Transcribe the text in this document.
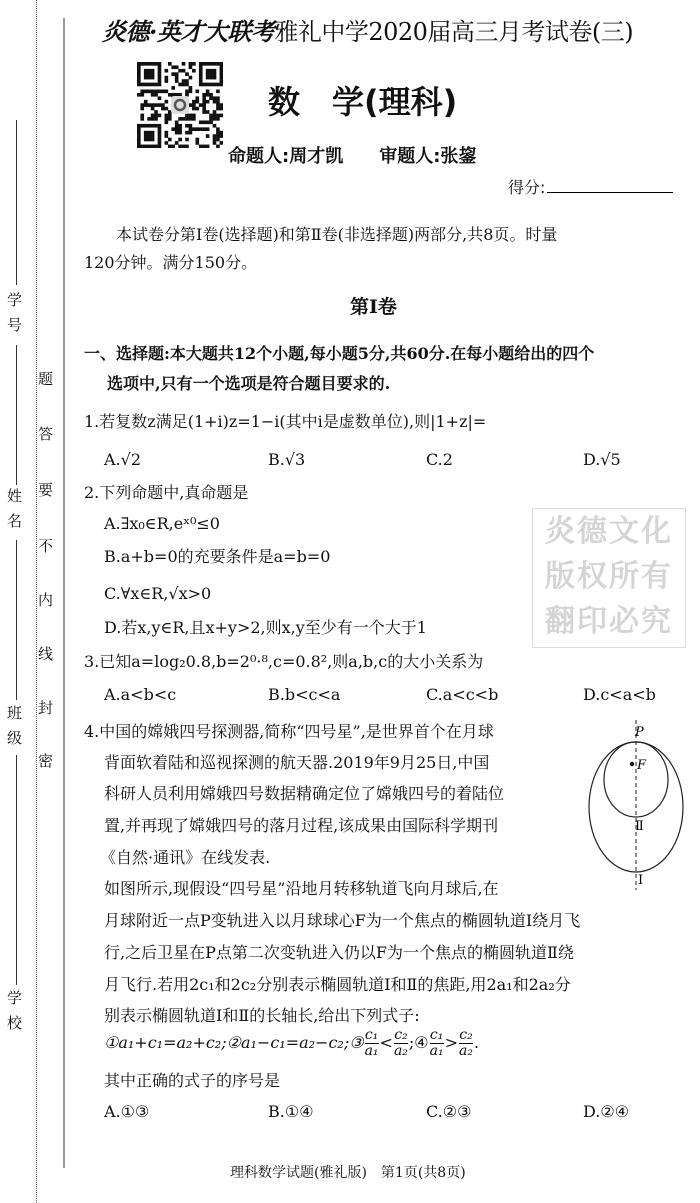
学号
姓名
班级
学校
题
答
要
不
内
线
封
密
炎德·英才大联考雅礼中学2020届高三月考试卷(三)
数　学(理科)
命题人:周才凯　　审题人:张鋆
得分:
本试卷分第Ⅰ卷(选择题)和第Ⅱ卷(非选择题)两部分,共8页。时量
120分钟。满分150分。
第Ⅰ卷
一、选择题:本大题共12个小题,每小题5分,共60分.在每小题给出的四个
选项中,只有一个选项是符合题目要求的.
炎德文化
版权所有
翻印必究
1.若复数z满足(1+i)z=1−i(其中i是虚数单位),则|1+z|=
A.√2	B.√3	C.2	D.√5
2.下列命题中,真命题是
A.∃x₀∈R,eˣ⁰≤0
B.a+b=0的充要条件是a=b=0
C.∀x∈R,√x>0
D.若x,y∈R,且x+y>2,则x,y至少有一个大于1
3.已知a=log₂0.8,b=2⁰·⁸,c=0.8²,则a,b,c的大小关系为
A.a<b<c	B.b<c<a	C.a<c<b	D.c<a<b
4.中国的嫦娥四号探测器,简称“四号星”,是世界首个在月球
背面软着陆和巡视探测的航天器.2019年9月25日,中国
科研人员利用嫦娥四号数据精确定位了嫦娥四号的着陆位
置,并再现了嫦娥四号的落月过程,该成果由国际科学期刊
《自然·通讯》在线发表.
如图所示,现假设“四号星”沿地月转移轨道飞向月球后,在
月球附近一点P变轨进入以月球球心F为一个焦点的椭圆轨道Ⅰ绕月飞
行,之后卫星在P点第二次变轨进入仍以F为一个焦点的椭圆轨道Ⅱ绕
月飞行.若用2c₁和2c₂分别表示椭圆轨道Ⅰ和Ⅱ的焦距,用2a₁和2a₂分
别表示椭圆轨道Ⅰ和Ⅱ的长轴长,给出下列式子:
①a₁+c₁=a₂+c₂;②a₁−c₁=a₂−c₂;③ $\frac{\text{c₁}}{\text{a₁}} < \frac{\text{c₂}}{\text{a₂}}$ ;④ $\frac{\text{c₁}}{\text{a₁}} > \frac{\text{c₂}}{\text{a₂}}$ .
其中正确的式子的序号是
A.①③	B.①④	C.②③	D.②④
P
F
Ⅱ
Ⅰ
理科数学试题(雅礼版)　第1页(共8页)
